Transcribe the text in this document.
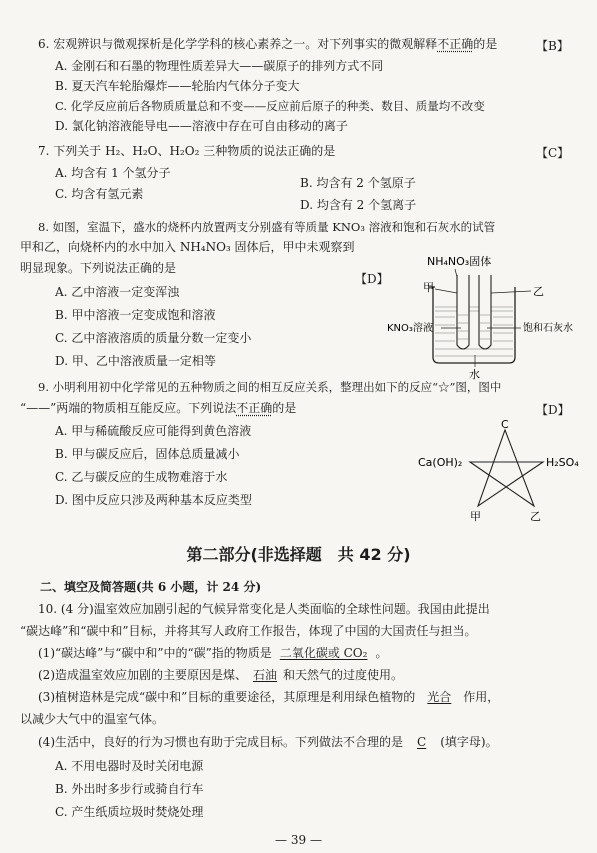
6. 宏观辨识与微观探析是化学学科的核心素养之一。对下列事实的微观解释不正确的是	【B】
A. 金刚石和石墨的物理性质差异大——碳原子的排列方式不同
B. 夏天汽车轮胎爆炸——轮胎内气体分子变大
C. 化学反应前后各物质质量总和不变——反应前后原子的种类、数目、质量均不改变
D. 氯化钠溶液能导电——溶液中存在可自由移动的离子
7. 下列关于 H₂、H₂O、H₂O₂ 三种物质的说法正确的是	【C】
A. 均含有 1 个氢分子
B. 均含有 2 个氢原子
C. 均含有氢元素
D. 均含有 2 个氢离子
8. 如图，室温下，盛水的烧杯内放置两支分别盛有等质量 KNO₃ 溶液和饱和石灰水的试管
甲和乙，向烧杯内的水中加入 NH₄NO₃ 固体后，甲中未观察到
明显现象。下列说法正确的是
【D】
A. 乙中溶液一定变浑浊
B. 甲中溶液一定变成饱和溶液
C. 乙中溶液溶质的质量分数一定变小
D. 甲、乙中溶液质量一定相等
NH₄NO₃固体
甲	乙
KNO₃溶液	饱和石灰水
水
9. 小明利用初中化学常见的五种物质之间的相互反应关系，整理出如下的反应“☆”图，图中
“——”两端的物质相互能反应。下列说法不正确的是	【D】
A. 甲与稀硫酸反应可能得到黄色溶液
B. 甲与碳反应后，固体总质量减小
C. 乙与碳反应的生成物难溶于水
D. 图中反应只涉及两种基本反应类型
C
Ca(OH)₂	H₂SO₄
甲	乙
第二部分(非选择题　共 42 分)
二、填空及简答题(共 6 小题，计 24 分)
10. (4 分)温室效应加剧引起的气候异常变化是人类面临的全球性问题。我国由此提出
“碳达峰”和“碳中和”目标，并将其写人政府工作报告，体现了中国的大国责任与担当。
(1)“碳达峰”与“碳中和”中的“碳”指的物质是 二氧化碳或 CO₂ 。
(2)造成温室效应加剧的主要原因是煤、 石油 和天然气的过度使用。
(3)植树造林是完成“碳中和”目标的重要途径，其原理是利用绿色植物的 光合 作用，
以减少大气中的温室气体。
(4)生活中，良好的行为习惯也有助于完成目标。下列做法不合理的是 C (填字母)。
A. 不用电器时及时关闭电源
B. 外出时多步行或骑自行车
C. 产生纸质垃圾时焚烧处理
— 39 —
